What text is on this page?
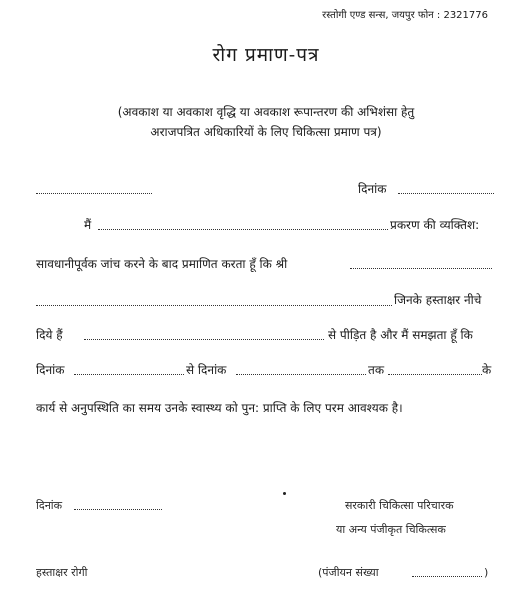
रस्तोगी एण्ड सन्स, जयपुर फोन : 2321776
रोग प्रमाण-पत्र
(अवकाश या अवकाश वृद्धि या अवकाश रूपान्तरण की अभिशंसा हेतु
अराजपत्रित अधिकारियों के लिए चिकित्सा प्रमाण पत्र)
दिनांक
मैं	प्रकरण की व्यक्तिश:
सावधानीपूर्वक जांच करने के बाद प्रमाणित करता हूँ कि श्री
जिनके हस्ताक्षर नीचे
दिये हैं	से पीड़ित है और मैं समझता हूँ कि
दिनांक	से दिनांक	तक	के
कार्य से अनुपस्थिति का समय उनके स्वास्थ्य को पुन: प्राप्ति के लिए परम आवश्यक है।
दिनांक	सरकारी चिकित्सा परिचारक
या अन्य पंजीकृत चिकित्सक
हस्ताक्षर रोगी	(पंजीयन संख्या	)
